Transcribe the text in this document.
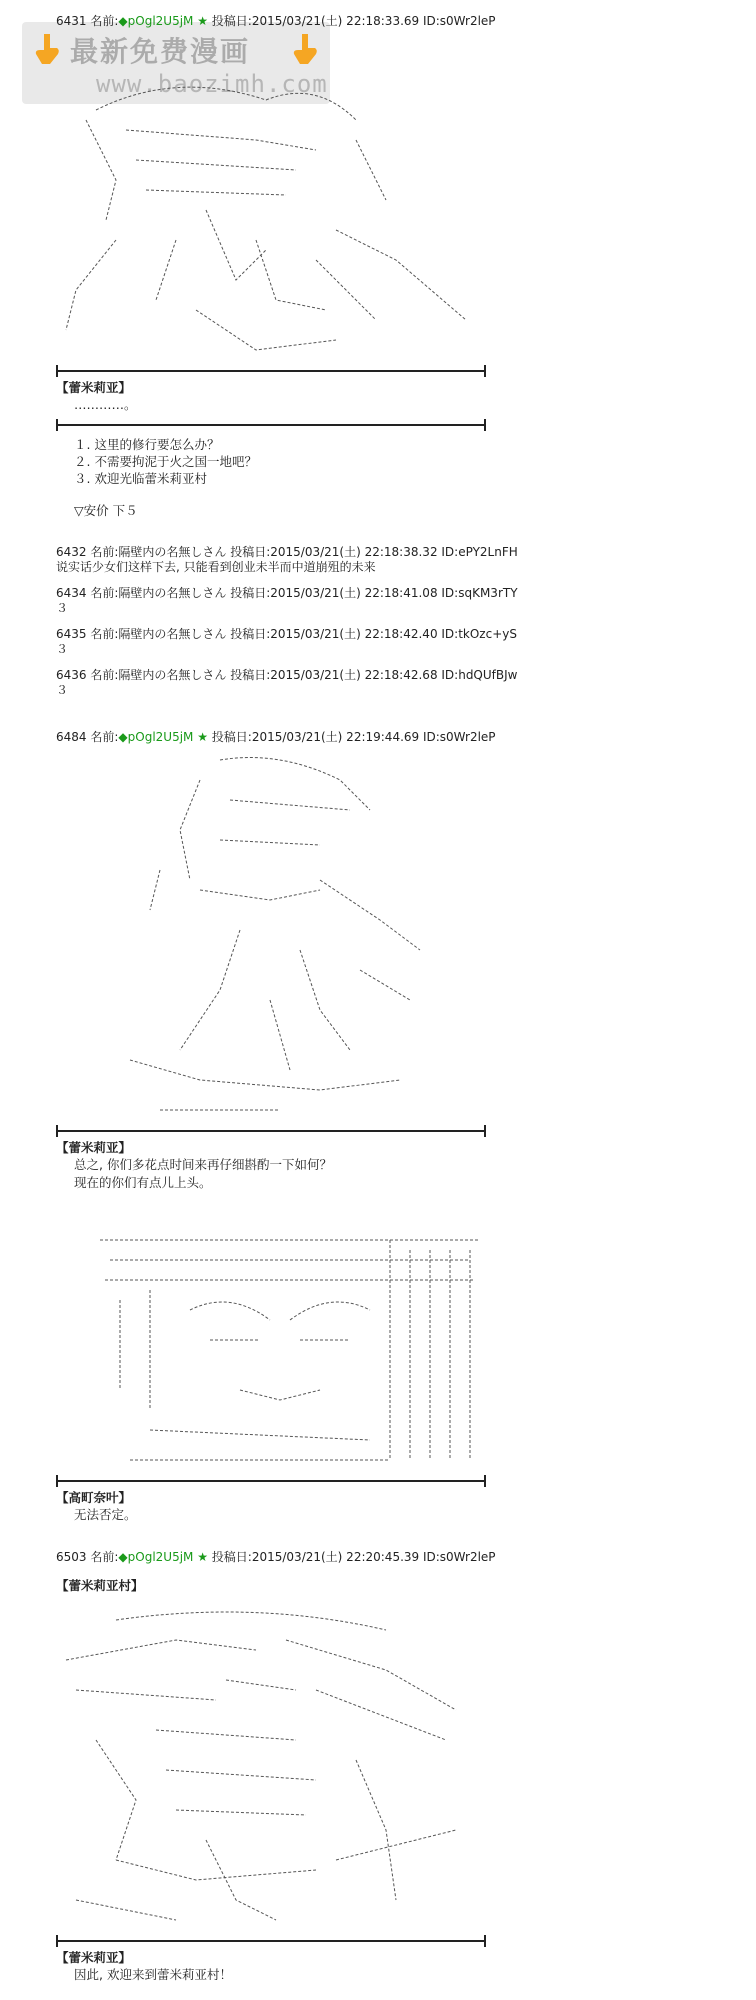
最新免费漫画
www.baozimh.com
6431 名前:◆pOgl2U5jM ★ 投稿日:2015/03/21(土) 22:18:33.69 ID:s0Wr2leP
【蕾米莉亚】
…………。
１. 这里的修行要怎么办？
２. 不需要拘泥于火之国一地吧？
３. 欢迎光临蕾米莉亚村
▽安价 下５
6432 名前:隔壁内の名無しさん 投稿日:2015/03/21(土) 22:18:38.32 ID:ePY2LnFH
说实话少女们这样下去, 只能看到创业未半而中道崩殂的未来
6434 名前:隔壁内の名無しさん 投稿日:2015/03/21(土) 22:18:41.08 ID:sqKM3rTY
３
6435 名前:隔壁内の名無しさん 投稿日:2015/03/21(土) 22:18:42.40 ID:tkOzc+yS
３
6436 名前:隔壁内の名無しさん 投稿日:2015/03/21(土) 22:18:42.68 ID:hdQUfBJw
３
6484 名前:◆pOgl2U5jM ★ 投稿日:2015/03/21(土) 22:19:44.69 ID:s0Wr2leP
【蕾米莉亚】
总之, 你们多花点时间来再仔细斟酌一下如何？
现在的你们有点儿上头。
【高町奈叶】
无法否定。
6503 名前:◆pOgl2U5jM ★ 投稿日:2015/03/21(土) 22:20:45.39 ID:s0Wr2leP
【蕾米莉亚村】
【蕾米莉亚】
因此, 欢迎来到蕾米莉亚村！
